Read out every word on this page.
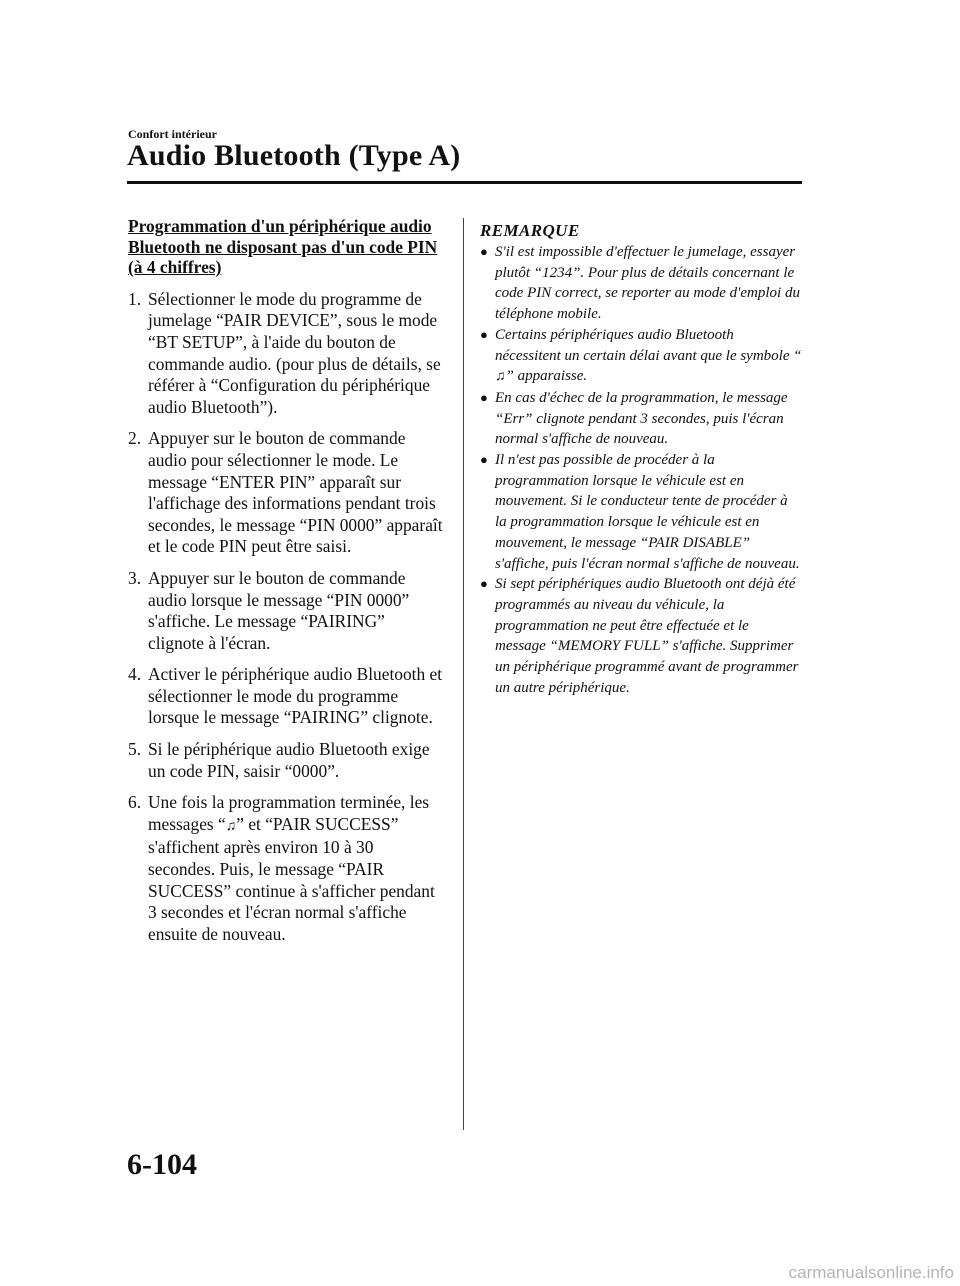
Confort intérieur
Audio Bluetooth (Type A)
Programmation d'un périphérique audio Bluetooth ne disposant pas d'un code PIN (à 4 chiffres)
1. Sélectionner le mode du programme de jumelage “PAIR DEVICE”, sous le mode “BT SETUP”, à l'aide du bouton de commande audio. (pour plus de détails, se référer à “Configuration du périphérique audio Bluetooth”).
2. Appuyer sur le bouton de commande audio pour sélectionner le mode. Le message “ENTER PIN” apparaît sur l'affichage des informations pendant trois secondes, le message “PIN 0000” apparaît et le code PIN peut être saisi.
3. Appuyer sur le bouton de commande audio lorsque le message “PIN 0000” s'affiche. Le message “PAIRING” clignote à l'écran.
4. Activer le périphérique audio Bluetooth et sélectionner le mode du programme lorsque le message “PAIRING” clignote.
5. Si le périphérique audio Bluetooth exige un code PIN, saisir “0000”.
6. Une fois la programmation terminée, les messages “♫” et “PAIR SUCCESS” s'affichent après environ 10 à 30 secondes. Puis, le message “PAIR SUCCESS” continue à s'afficher pendant 3 secondes et l'écran normal s'affiche ensuite de nouveau.
REMARQUE
● S'il est impossible d'effectuer le jumelage, essayer plutôt “1234”. Pour plus de détails concernant le code PIN correct, se reporter au mode d'emploi du téléphone mobile.
● Certains périphériques audio Bluetooth nécessitent un certain délai avant que le symbole “♫” apparaisse.
● En cas d'échec de la programmation, le message “Err” clignote pendant 3 secondes, puis l'écran normal s'affiche de nouveau.
● Il n'est pas possible de procéder à la programmation lorsque le véhicule est en mouvement. Si le conducteur tente de procéder à la programmation lorsque le véhicule est en mouvement, le message “PAIR DISABLE” s'affiche, puis l'écran normal s'affiche de nouveau.
● Si sept périphériques audio Bluetooth ont déjà été programmés au niveau du véhicule, la programmation ne peut être effectuée et le message “MEMORY FULL” s'affiche. Supprimer un périphérique programmé avant de programmer un autre périphérique.
6-104
carmanualsonline.info
